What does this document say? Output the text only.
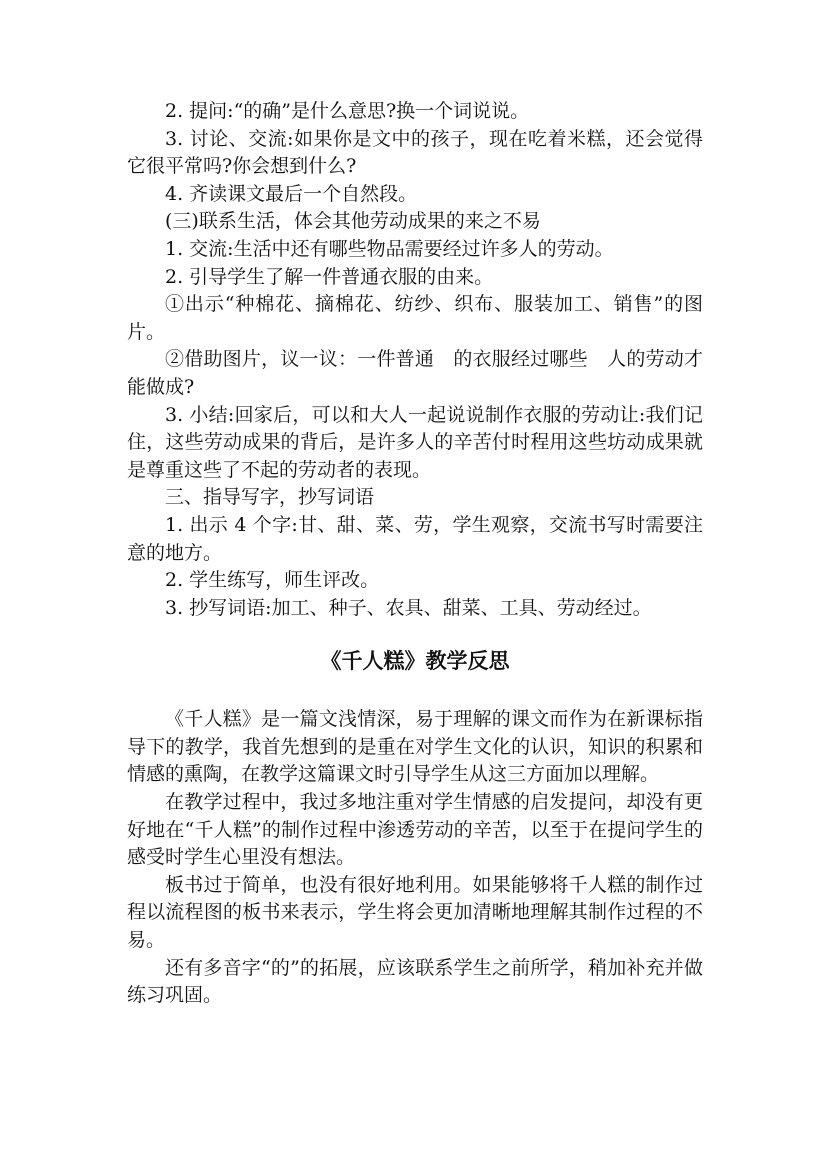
2. 提问:“的确”是什么意思?换一个词说说。

3. 讨论、交流:如果你是文中的孩子，现在吃着米糕，还会觉得它很平常吗?你会想到什么?

4. 齐读课文最后一个自然段。

(三)联系生活，体会其他劳动成果的来之不易

1. 交流:生活中还有哪些物品需要经过许多人的劳动。

2. 引导学生了解一件普通衣服的由来。

①出示“种棉花、摘棉花、纺纱、织布、服装加工、销售”的图片。

②借助图片，议一议：一件普通　的衣服经过哪些　人的劳动才能做成?

3. 小结:回家后，可以和大人一起说说制作衣服的劳动让:我们记住，这些劳动成果的背后，是许多人的辛苦付时程用这些坊动成果就是尊重这些了不起的劳动者的表现。

三、指导写字，抄写词语

1. 出示 4 个字:甘、甜、菜、劳，学生观察，交流书写时需要注意的地方。

2. 学生练写，师生评改。

3. 抄写词语:加工、种子、农具、甜菜、工具、劳动经过。

《千人糕》教学反思

《千人糕》是一篇文浅情深，易于理解的课文而作为在新课标指导下的教学，我首先想到的是重在对学生文化的认识，知识的积累和情感的熏陶，在教学这篇课文时引导学生从这三方面加以理解。

在教学过程中，我过多地注重对学生情感的启发提问，却没有更好地在“千人糕”的制作过程中渗透劳动的辛苦，以至于在提问学生的感受时学生心里没有想法。

板书过于简单，也没有很好地利用。如果能够将千人糕的制作过程以流程图的板书来表示，学生将会更加清晰地理解其制作过程的不易。

还有多音字“的”的拓展，应该联系学生之前所学，稍加补充并做练习巩固。
